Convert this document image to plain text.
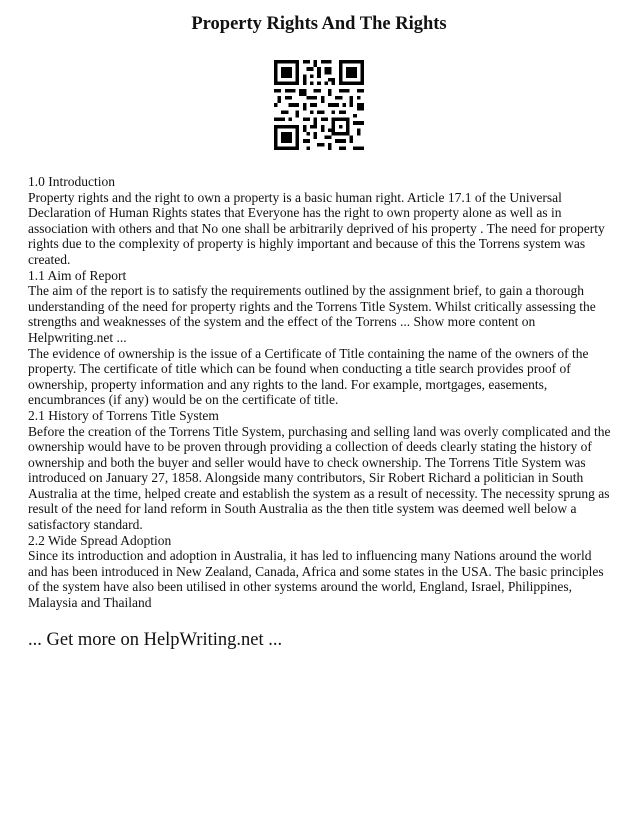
Property Rights And The Rights

1.0 Introduction

Property rights and the right to own a property is a basic human right. Article 17.1 of the Universal Declaration of Human Rights states that Everyone has the right to own property alone as well as in association with others and that No one shall be arbitrarily deprived of his property . The need for property rights due to the complexity of property is highly important and because of this the Torrens system was created.

1.1 Aim of Report

The aim of the report is to satisfy the requirements outlined by the assignment brief, to gain a thorough understanding of the need for property rights and the Torrens Title System. Whilst critically assessing the strengths and weaknesses of the system and the effect of the Torrens ... Show more content on Helpwriting.net ...

The evidence of ownership is the issue of a Certificate of Title containing the name of the owners of the property. The certificate of title which can be found when conducting a title search provides proof of ownership, property information and any rights to the land. For example, mortgages, easements, encumbrances (if any) would be on the certificate of title.

2.1 History of Torrens Title System

Before the creation of the Torrens Title System, purchasing and selling land was overly complicated and the ownership would have to be proven through providing a collection of deeds clearly stating the history of ownership and both the buyer and seller would have to check ownership. The Torrens Title System was introduced on January 27, 1858. Alongside many contributors, Sir Robert Richard a politician in South Australia at the time, helped create and establish the system as a result of necessity. The necessity sprung as result of the need for land reform in South Australia as the then title system was deemed well below a satisfactory standard.

2.2 Wide Spread Adoption

Since its introduction and adoption in Australia, it has led to influencing many Nations around the world and has been introduced in New Zealand, Canada, Africa and some states in the USA. The basic principles of the system have also been utilised in other systems around the world, England, Israel, Philippines, Malaysia and Thailand

... Get more on HelpWriting.net ...
